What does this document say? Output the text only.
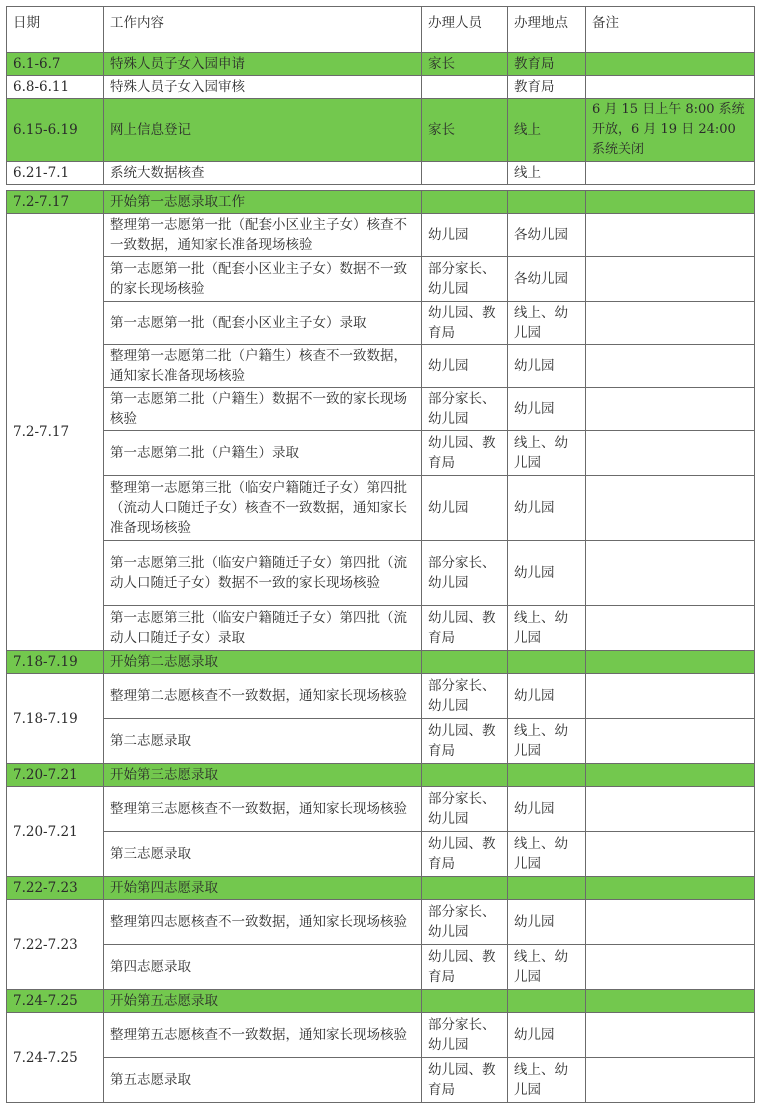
日期	工作内容	办理人员	办理地点	备注
6.1-6.7	特殊人员子女入园申请	家长	教育局	
6.8-6.11	特殊人员子女入园审核		教育局	
6.15-6.19	网上信息登记	家长	线上	6 月 15 日上午 8:00 系统开放，6 月 19 日 24:00 系统关闭
6.21-7.1	系统大数据核查		线上	

7.2-7.17	开始第一志愿录取工作			
7.2-7.17	整理第一志愿第一批（配套小区业主子女）核查不一致数据，通知家长准备现场核验	幼儿园	各幼儿园	
	第一志愿第一批（配套小区业主子女）数据不一致的家长现场核验	部分家长、幼儿园	各幼儿园	
	第一志愿第一批（配套小区业主子女）录取	幼儿园、教育局	线上、幼儿园	
	整理第一志愿第二批（户籍生）核查不一致数据，通知家长准备现场核验	幼儿园	幼儿园	
	第一志愿第二批（户籍生）数据不一致的家长现场核验	部分家长、幼儿园	幼儿园	
	第一志愿第二批（户籍生）录取	幼儿园、教育局	线上、幼儿园	
	整理第一志愿第三批（临安户籍随迁子女）第四批（流动人口随迁子女）核查不一致数据，通知家长准备现场核验	幼儿园	幼儿园	
	第一志愿第三批（临安户籍随迁子女）第四批（流动人口随迁子女）数据不一致的家长现场核验	部分家长、幼儿园	幼儿园	
	第一志愿第三批（临安户籍随迁子女）第四批（流动人口随迁子女）录取	幼儿园、教育局	线上、幼儿园	
7.18-7.19	开始第二志愿录取			
7.18-7.19	整理第二志愿核查不一致数据，通知家长现场核验	部分家长、幼儿园	幼儿园	
	第二志愿录取	幼儿园、教育局	线上、幼儿园	
7.20-7.21	开始第三志愿录取			
7.20-7.21	整理第三志愿核查不一致数据，通知家长现场核验	部分家长、幼儿园	幼儿园	
	第三志愿录取	幼儿园、教育局	线上、幼儿园	
7.22-7.23	开始第四志愿录取			
7.22-7.23	整理第四志愿核查不一致数据，通知家长现场核验	部分家长、幼儿园	幼儿园	
	第四志愿录取	幼儿园、教育局	线上、幼儿园	
7.24-7.25	开始第五志愿录取			
7.24-7.25	整理第五志愿核查不一致数据，通知家长现场核验	部分家长、幼儿园	幼儿园	
	第五志愿录取	幼儿园、教育局	线上、幼儿园	
